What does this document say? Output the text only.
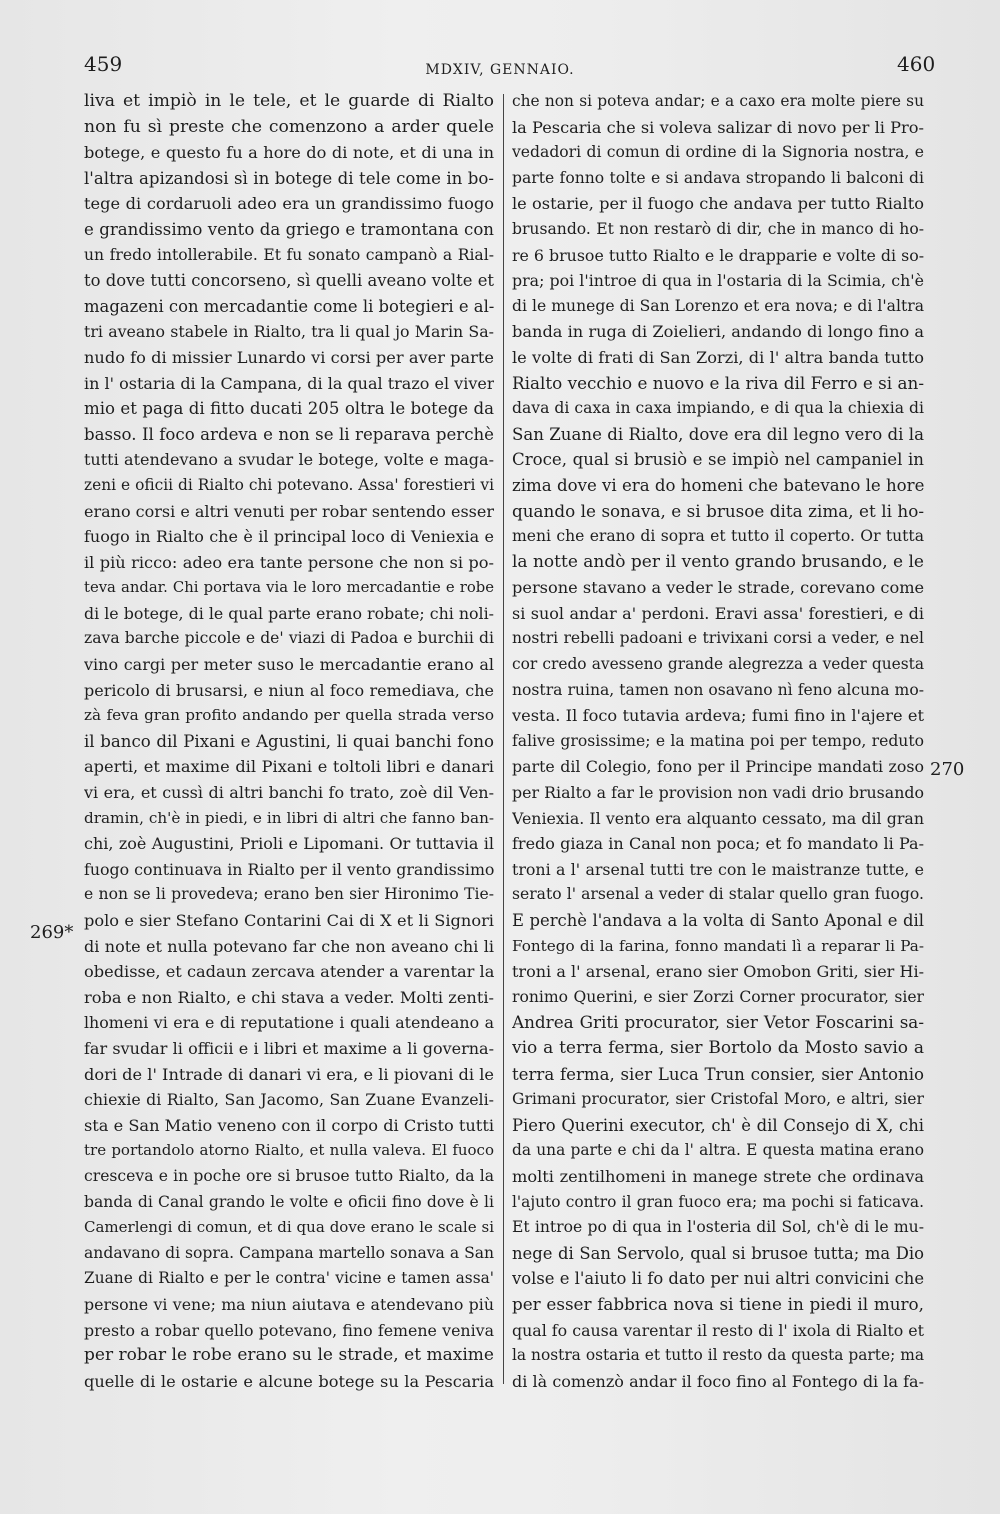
459	MDXIV, GENNAIO.	460
liva et impiò in le tele, et le guarde di Rialto
non fu sì preste che comenzono a arder quele
botege, e questo fu a hore do di note, et di una in
l'altra apizandosi sì in botege di tele come in bo-
tege di cordaruoli adeo era un grandissimo fuogo
e grandissimo vento da griego e tramontana con
un fredo intollerabile. Et fu sonato campanò a Rial-
to dove tutti concorseno, sì quelli aveano volte et
magazeni con mercadantie come li botegieri e al-
tri aveano stabele in Rialto, tra li qual jo Marin Sa-
nudo fo di missier Lunardo vi corsi per aver parte
in l' ostaria di la Campana, di la qual trazo el viver
mio et paga di fitto ducati 205 oltra le botege da
basso. Il foco ardeva e non se li reparava perchè
tutti atendevano a svudar le botege, volte e maga-
zeni e oficii di Rialto chi potevano. Assa' forestieri vi
erano corsi e altri venuti per robar sentendo esser
fuogo in Rialto che è il principal loco di Veniexia e
il più ricco: adeo era tante persone che non si po-
teva andar. Chi portava via le loro mercadantie e robe
di le botege, di le qual parte erano robate; chi noli-
zava barche piccole e de' viazi di Padoa e burchii di
vino cargi per meter suso le mercadantie erano al
pericolo di brusarsi, e niun al foco remediava, che
zà feva gran profito andando per quella strada verso
il banco dil Pixani e Agustini, li quai banchi fono
aperti, et maxime dil Pixani e toltoli libri e danari
vi era, et cussì di altri banchi fo trato, zoè dil Ven-
dramin, ch'è in piedi, e in libri di altri che fanno ban-
chi, zoè Augustini, Prioli e Lipomani. Or tuttavia il
fuogo continuava in Rialto per il vento grandissimo
e non se li provedeva; erano ben sier Hironimo Tie-
polo e sier Stefano Contarini Cai di X et li Signori
di note et nulla potevano far che non aveano chi li
obedisse, et cadaun zercava atender a varentar la
roba e non Rialto, e chi stava a veder. Molti zenti-
lhomeni vi era e di reputatione i quali atendeano a
far svudar li officii e i libri et maxime a li governa-
dori de l' Intrade di danari vi era, e li piovani di le
chiexie di Rialto, San Jacomo, San Zuane Evanzeli-
sta e San Matio veneno con il corpo di Cristo tutti
tre portandolo atorno Rialto, et nulla valeva. El fuoco
cresceva e in poche ore si brusoe tutto Rialto, da la
banda di Canal grando le volte e oficii fino dove è li
Camerlengi di comun, et di qua dove erano le scale si
andavano di sopra. Campana martello sonava a San
Zuane di Rialto e per le contra' vicine e tamen assa'
persone vi vene; ma niun aiutava e atendevano più
presto a robar quello potevano, fino femene veniva
per robar le robe erano su le strade, et maxime
quelle di le ostarie e alcune botege su la Pescaria
che non si poteva andar; e a caxo era molte piere su
la Pescaria che si voleva salizar di novo per li Pro-
vedadori di comun di ordine di la Signoria nostra, e
parte fonno tolte e si andava stropando li balconi di
le ostarie, per il fuogo che andava per tutto Rialto
brusando. Et non restarò di dir, che in manco di ho-
re 6 brusoe tutto Rialto e le drapparie e volte di so-
pra; poi l'introe di qua in l'ostaria di la Scimia, ch'è
di le munege di San Lorenzo et era nova; e di l'altra
banda in ruga di Zoielieri, andando di longo fino a
le volte di frati di San Zorzi, di l' altra banda tutto
Rialto vecchio e nuovo e la riva dil Ferro e si an-
dava di caxa in caxa impiando, e di qua la chiexia di
San Zuane di Rialto, dove era dil legno vero di la
Croce, qual si brusiò e se impiò nel campaniel in
zima dove vi era do homeni che batevano le hore
quando le sonava, e si brusoe dita zima, et li ho-
meni che erano di sopra et tutto il coperto. Or tutta
la notte andò per il vento grando brusando, e le
persone stavano a veder le strade, corevano come
si suol andar a' perdoni. Eravi assa' forestieri, e di
nostri rebelli padoani e trivixani corsi a veder, e nel
cor credo avesseno grande alegrezza a veder questa
nostra ruina, tamen non osavano nì feno alcuna mo-
vesta. Il foco tutavia ardeva; fumi fino in l'ajere et
falive grosissime; e la matina poi per tempo, reduto
parte dil Colegio, fono per il Principe mandati zoso
per Rialto a far le provision non vadi drio brusando
Veniexia. Il vento era alquanto cessato, ma dil gran
fredo giaza in Canal non poca; et fo mandato li Pa-
troni a l' arsenal tutti tre con le maistranze tutte, e
serato l' arsenal a veder di stalar quello gran fuogo.
E perchè l'andava a la volta di Santo Aponal e dil
Fontego di la farina, fonno mandati lì a reparar li Pa-
troni a l' arsenal, erano sier Omobon Griti, sier Hi-
ronimo Querini, e sier Zorzi Corner procurator, sier
Andrea Griti procurator, sier Vetor Foscarini sa-
vio a terra ferma, sier Bortolo da Mosto savio a
terra ferma, sier Luca Trun consier, sier Antonio
Grimani procurator, sier Cristofal Moro, e altri, sier
Piero Querini executor, ch' è dil Consejo di X, chi
da una parte e chi da l' altra. E questa matina erano
molti zentilhomeni in manege strete che ordinava
l'ajuto contro il gran fuoco era; ma pochi si faticava.
Et introe po di qua in l'osteria dil Sol, ch'è di le mu-
nege di San Servolo, qual si brusoe tutta; ma Dio
volse e l'aiuto li fo dato per nui altri convicini che
per esser fabbrica nova si tiene in piedi il muro,
qual fo causa varentar il resto di l' ixola di Rialto et
la nostra ostaria et tutto il resto da questa parte; ma
di là comenzò andar il foco fino al Fontego di la fa-
269*
270
